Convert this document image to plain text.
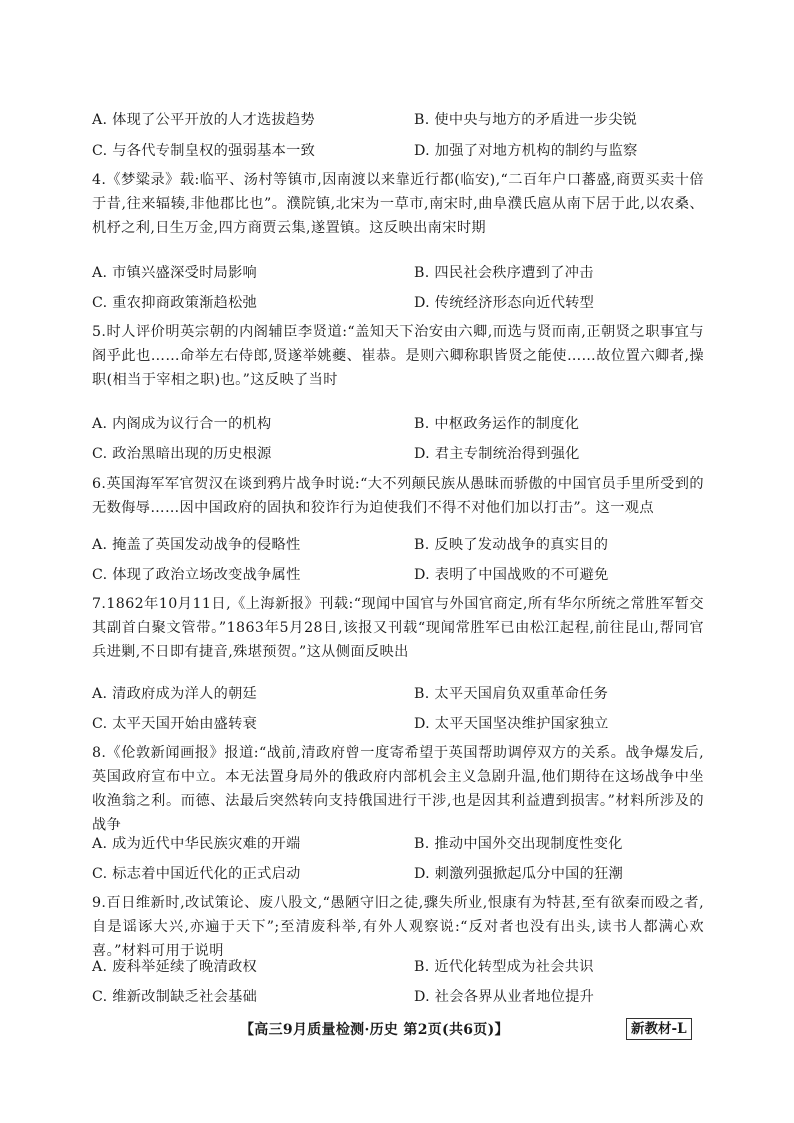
A. 体现了公平开放的人才选拔趋势	B. 使中央与地方的矛盾进一步尖锐
C. 与各代专制皇权的强弱基本一致	D. 加强了对地方机构的制约与监察
4.《梦粱录》载:临平、汤村等镇市,因南渡以来靠近行都(临安),“二百年户口蕃盛,商贾买卖十倍于昔,往来辐辏,非他郡比也”。濮院镇,北宋为一草市,南宋时,曲阜濮氏扈从南下居于此,以农桑、机杼之利,日生万金,四方商贾云集,遂置镇。这反映出南宋时期
A. 市镇兴盛深受时局影响	B. 四民社会秩序遭到了冲击
C. 重农抑商政策渐趋松弛	D. 传统经济形态向近代转型
5.时人评价明英宗朝的内阁辅臣李贤道:“盖知天下治安由六卿,而选与贤而南,正朝贤之职事宜与阁乎此也……命举左右侍郎,贤遂举姚夔、崔恭。是则六卿称职皆贤之能使……故位置六卿者,操职(相当于宰相之职)也。”这反映了当时
A. 内阁成为议行合一的机构	B. 中枢政务运作的制度化
C. 政治黑暗出现的历史根源	D. 君主专制统治得到强化
6.英国海军军官贺汉在谈到鸦片战争时说:“大不列颠民族从愚昧而骄傲的中国官员手里所受到的无数侮辱……因中国政府的固执和狡诈行为迫使我们不得不对他们加以打击”。这一观点
A. 掩盖了英国发动战争的侵略性	B. 反映了发动战争的真实目的
C. 体现了政治立场改变战争属性	D. 表明了中国战败的不可避免
7.1862年10月11日,《上海新报》刊载:“现闻中国官与外国官商定,所有华尔所统之常胜军暂交其副首白聚文管带。”1863年5月28日,该报又刊载“现闻常胜军已由松江起程,前往昆山,帮同官兵进剿,不日即有捷音,殊堪预贺。”这从侧面反映出
A. 清政府成为洋人的朝廷	B. 太平天国肩负双重革命任务
C. 太平天国开始由盛转衰	D. 太平天国坚决维护国家独立
8.《伦敦新闻画报》报道:“战前,清政府曾一度寄希望于英国帮助调停双方的关系。战争爆发后,英国政府宣布中立。本无法置身局外的俄政府内部机会主义急剧升温,他们期待在这场战争中坐收渔翁之利。而德、法最后突然转向支持俄国进行干涉,也是因其利益遭到损害。”材料所涉及的战争
A. 成为近代中华民族灾难的开端	B. 推动中国外交出现制度性变化
C. 标志着中国近代化的正式启动	D. 刺激列强掀起瓜分中国的狂潮
9.百日维新时,改试策论、废八股文,“愚陋守旧之徒,骤失所业,恨康有为特甚,至有欲秦而殴之者,自是谣诼大兴,亦遍于天下”;至清废科举,有外人观察说:“反对者也没有出头,读书人都满心欢喜。”材料可用于说明
A. 废科举延续了晚清政权	B. 近代化转型成为社会共识
C. 维新改制缺乏社会基础	D. 社会各界从业者地位提升
【高三9月质量检测·历史 第2页(共6页)】	新教材-L
